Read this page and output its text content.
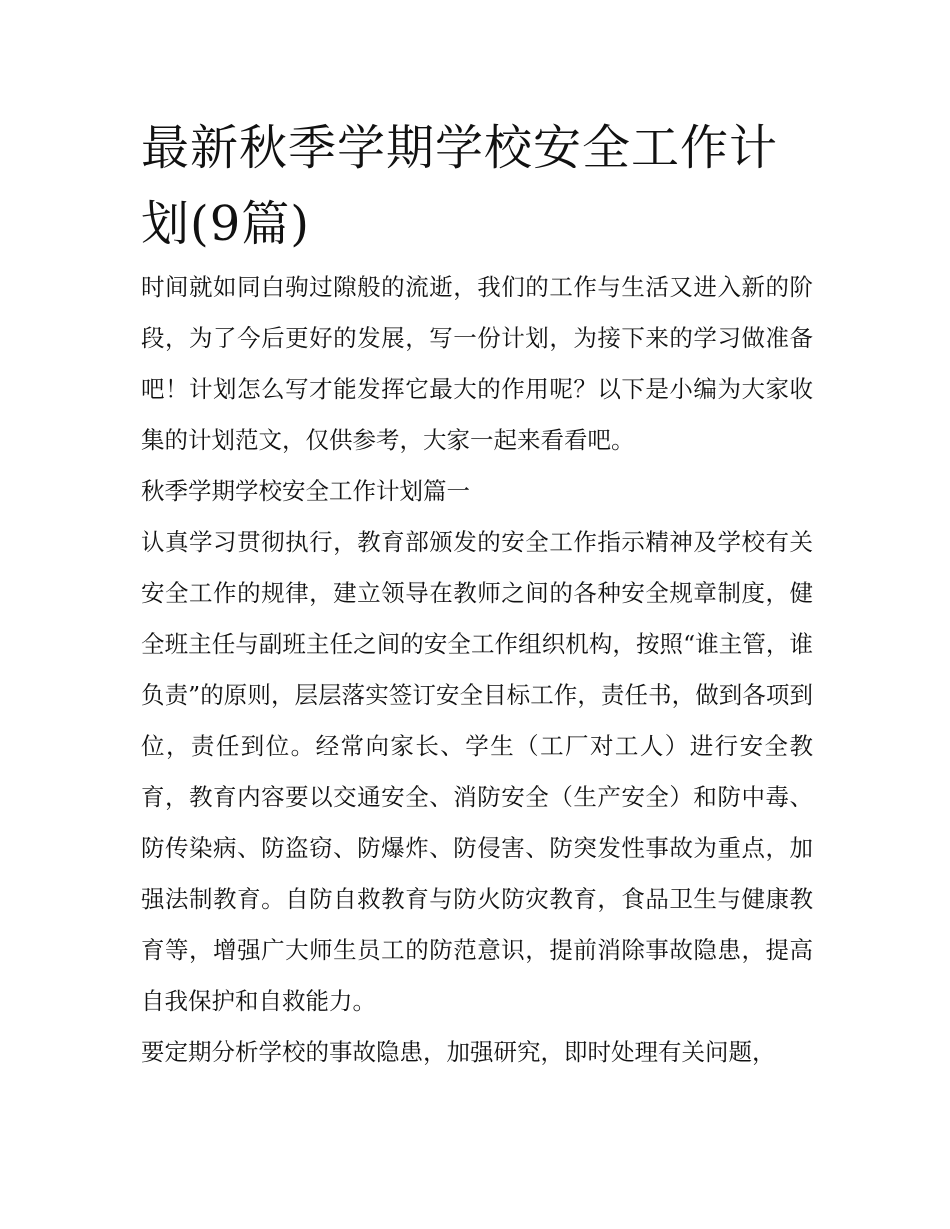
最新秋季学期学校安全工作计划(9篇)

时间就如同白驹过隙般的流逝，我们的工作与生活又进入新的阶段，为了今后更好的发展，写一份计划，为接下来的学习做准备吧！计划怎么写才能发挥它最大的作用呢？以下是小编为大家收集的计划范文，仅供参考，大家一起来看看吧。

秋季学期学校安全工作计划篇一

认真学习贯彻执行，教育部颁发的安全工作指示精神及学校有关安全工作的规律，建立领导在教师之间的各种安全规章制度，健全班主任与副班主任之间的安全工作组织机构，按照“谁主管，谁负责”的原则，层层落实签订安全目标工作，责任书，做到各项到位，责任到位。经常向家长、学生（工厂对工人）进行安全教育，教育内容要以交通安全、消防安全（生产安全）和防中毒、防传染病、防盗窃、防爆炸、防侵害、防突发性事故为重点，加强法制教育。自防自救教育与防火防灾教育，食品卫生与健康教育等，增强广大师生员工的防范意识，提前消除事故隐患，提高自我保护和自救能力。

要定期分析学校的事故隐患，加强研究，即时处理有关问题，
